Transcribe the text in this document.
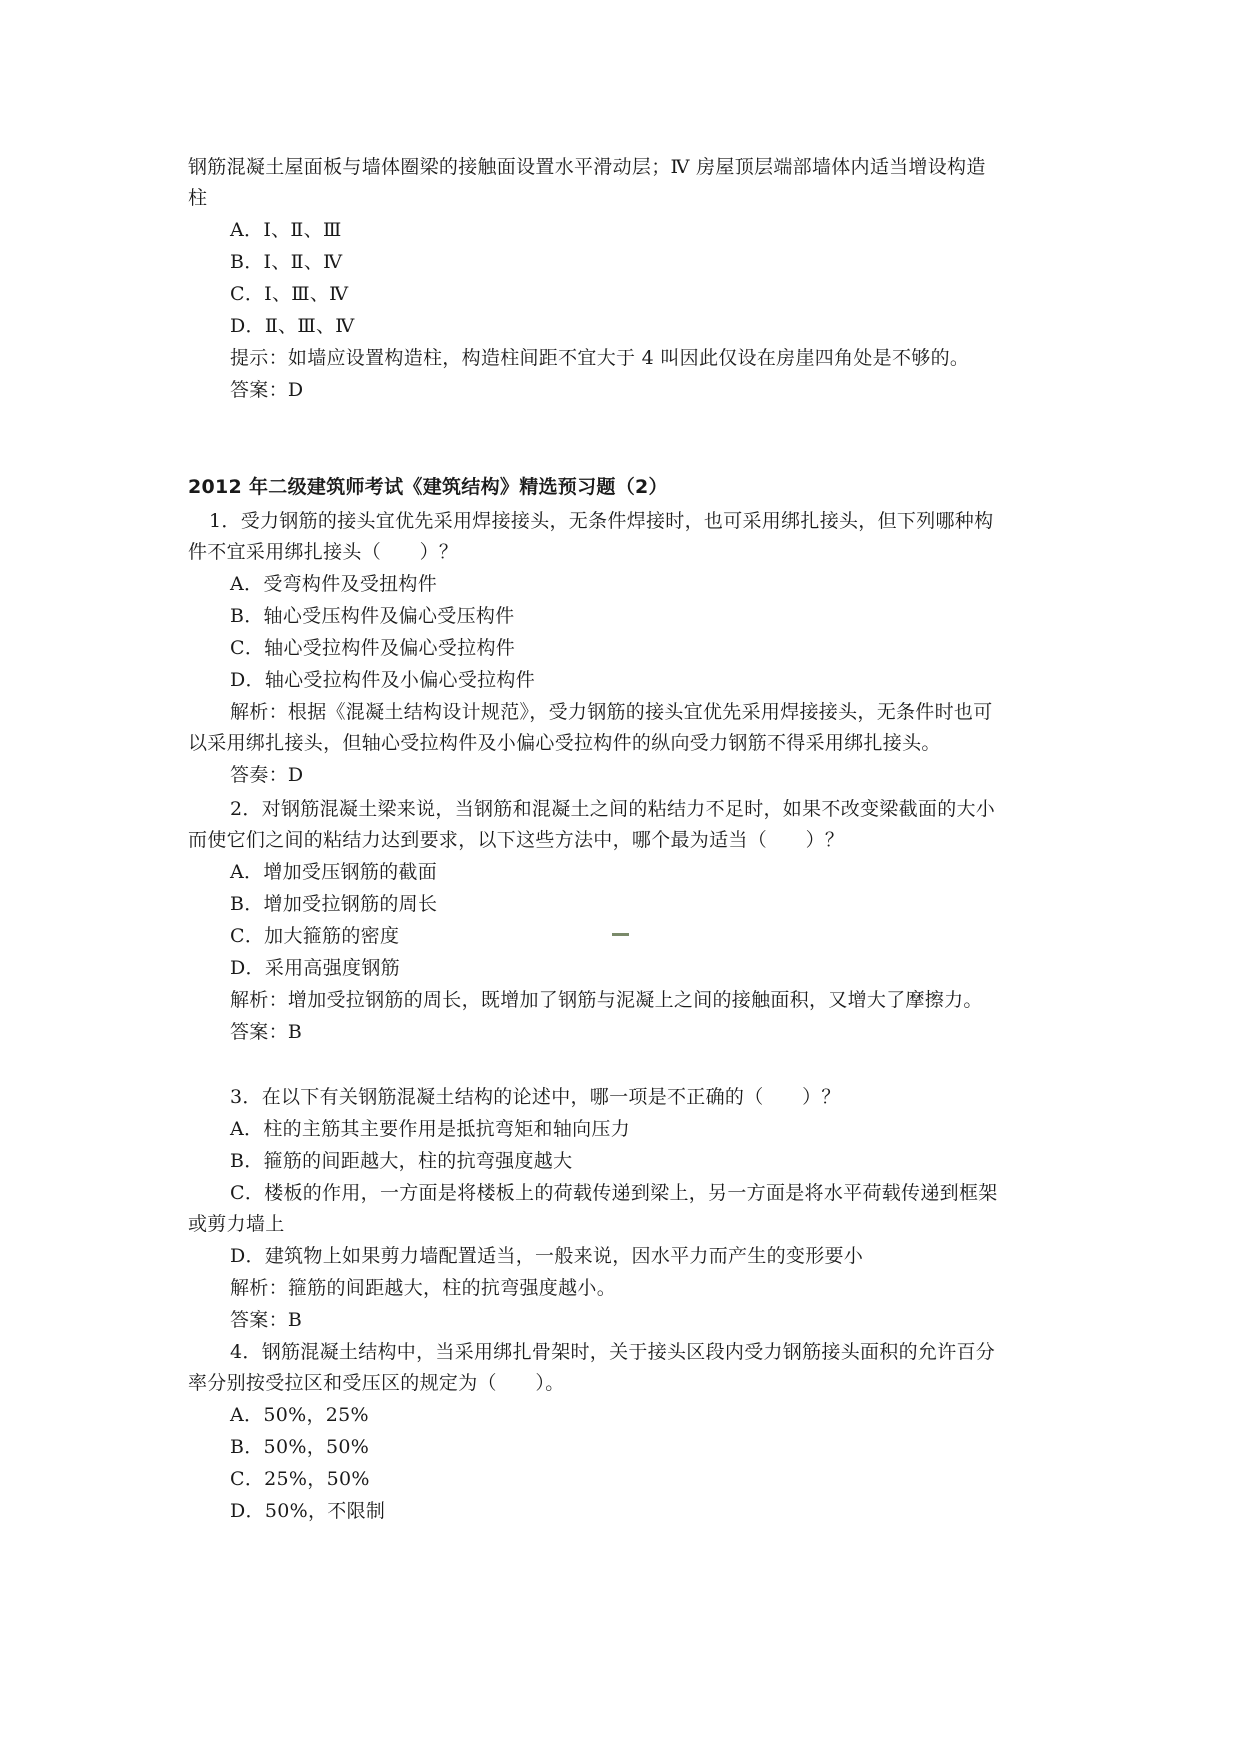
钢筋混凝土屋面板与墙体圈梁的接触面设置水平滑动层；Ⅳ 房屋顶层端部墙体内适当增设构造
柱
A．Ⅰ、Ⅱ、Ⅲ
B．Ⅰ、Ⅱ、Ⅳ
C．Ⅰ、Ⅲ、Ⅳ
D．Ⅱ、Ⅲ、Ⅳ
提示：如墙应设置构造柱，构造柱间距不宜大于 4 叫因此仅设在房崖四角处是不够的。
答案：D
2012 年二级建筑师考试《建筑结构》精选预习题（2）
1．受力钢筋的接头宜优先采用焊接接头，无条件焊接时，也可采用绑扎接头，但下列哪种构
件不宜采用绑扎接头（　　）？
A．受弯构件及受扭构件
B．轴心受压构件及偏心受压构件
C．轴心受拉构件及偏心受拉构件
D．轴心受拉构件及小偏心受拉构件
解析：根据《混凝土结构设计规范》，受力钢筋的接头宜优先采用焊接接头，无条件时也可
以采用绑扎接头，但轴心受拉构件及小偏心受拉构件的纵向受力钢筋不得采用绑扎接头。
答奏：D
2．对钢筋混凝土梁来说，当钢筋和混凝土之间的粘结力不足时，如果不改变梁截面的大小
而使它们之间的粘结力达到要求，以下这些方法中，哪个最为适当（　　）？
A．增加受压钢筋的截面
B．增加受拉钢筋的周长
C．加大箍筋的密度
D．采用高强度钢筋
解析：增加受拉钢筋的周长，既增加了钢筋与泥凝上之间的接触面积，又增大了摩擦力。
答案：B
3．在以下有关钢筋混凝土结构的论述中，哪一项是不正确的（　　）？
A．柱的主筋其主要作用是抵抗弯矩和轴向压力
B．箍筋的间距越大，柱的抗弯强度越大
C．楼板的作用，一方面是将楼板上的荷载传递到梁上，另一方面是将水平荷载传递到框架
或剪力墙上
D．建筑物上如果剪力墙配置适当，一般来说，因水平力而产生的变形要小
解析：箍筋的间距越大，柱的抗弯强度越小。
答案：B
4．钢筋混凝土结构中，当采用绑扎骨架时，关于接头区段内受力钢筋接头面积的允许百分
率分别按受拉区和受压区的规定为（　　）。
A．50%，25%
B．50%，50%
C．25%，50%
D．50%，不限制
